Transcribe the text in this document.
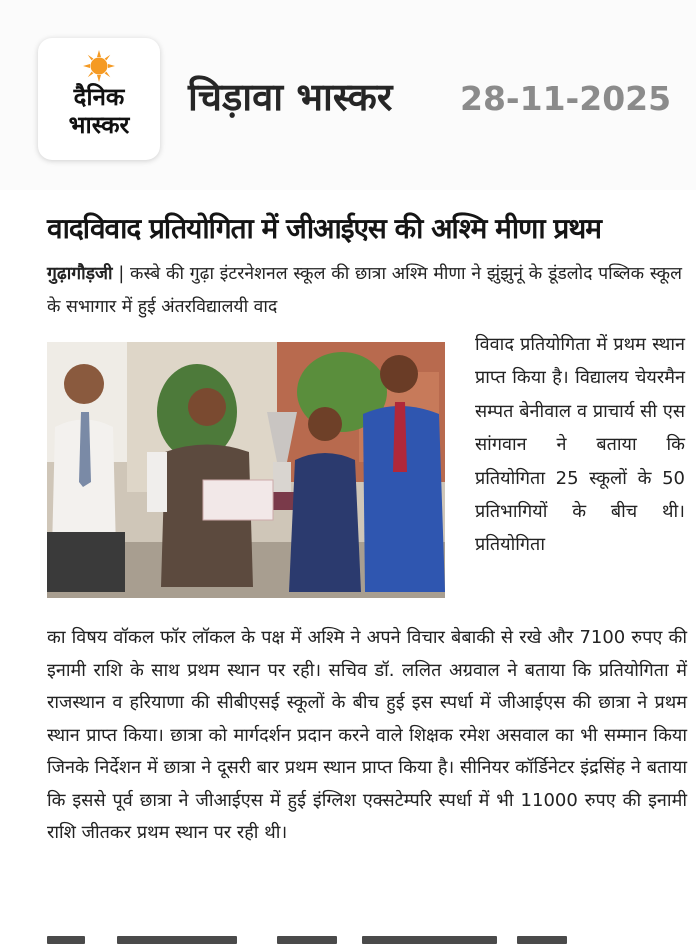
दैनिक
भास्कर
चिड़ावा भास्कर 28-11-2025
वादविवाद प्रतियोगिता में जीआईएस की अश्मि मीणा प्रथम
गुढ़ागौड़जी | कस्बे की गुढ़ा इंटरनेशनल स्कूल की छात्रा अश्मि मीणा ने झुंझुनूं के डूंडलोद पब्लिक स्कूल के सभागार में हुई अंतरविद्यालयी वाद
विवाद प्रतियोगिता में प्रथम स्थान प्राप्त किया है। विद्यालय चेयरमैन सम्पत बेनीवाल व प्राचार्य सी एस सांगवान ने बताया कि प्रतियोगिता 25 स्कूलों के 50 प्रतिभागियों के बीच थी। प्रतियोगिता
का विषय वॉकल फॉर लॉकल के पक्ष में अश्मि ने अपने विचार बेबाकी से रखे और 7100 रुपए की इनामी राशि के साथ प्रथम स्थान पर रही। सचिव डॉ. ललित अग्रवाल ने बताया कि प्रतियोगिता में राजस्थान व हरियाणा की सीबीएसई स्कूलों के बीच हुई इस स्पर्धा में जीआईएस की छात्रा ने प्रथम स्थान प्राप्त किया। छात्रा को मार्गदर्शन प्रदान करने वाले शिक्षक रमेश असवाल का भी सम्मान किया जिनके निर्देशन में छात्रा ने दूसरी बार प्रथम स्थान प्राप्त किया है। सीनियर कॉर्डिनेटर इंद्रसिंह ने बताया कि इससे पूर्व छात्रा ने जीआईएस में हुई इंग्लिश एक्सटेम्परि स्पर्धा में भी 11000 रुपए की इनामी राशि जीतकर प्रथम स्थान पर रही थी।
